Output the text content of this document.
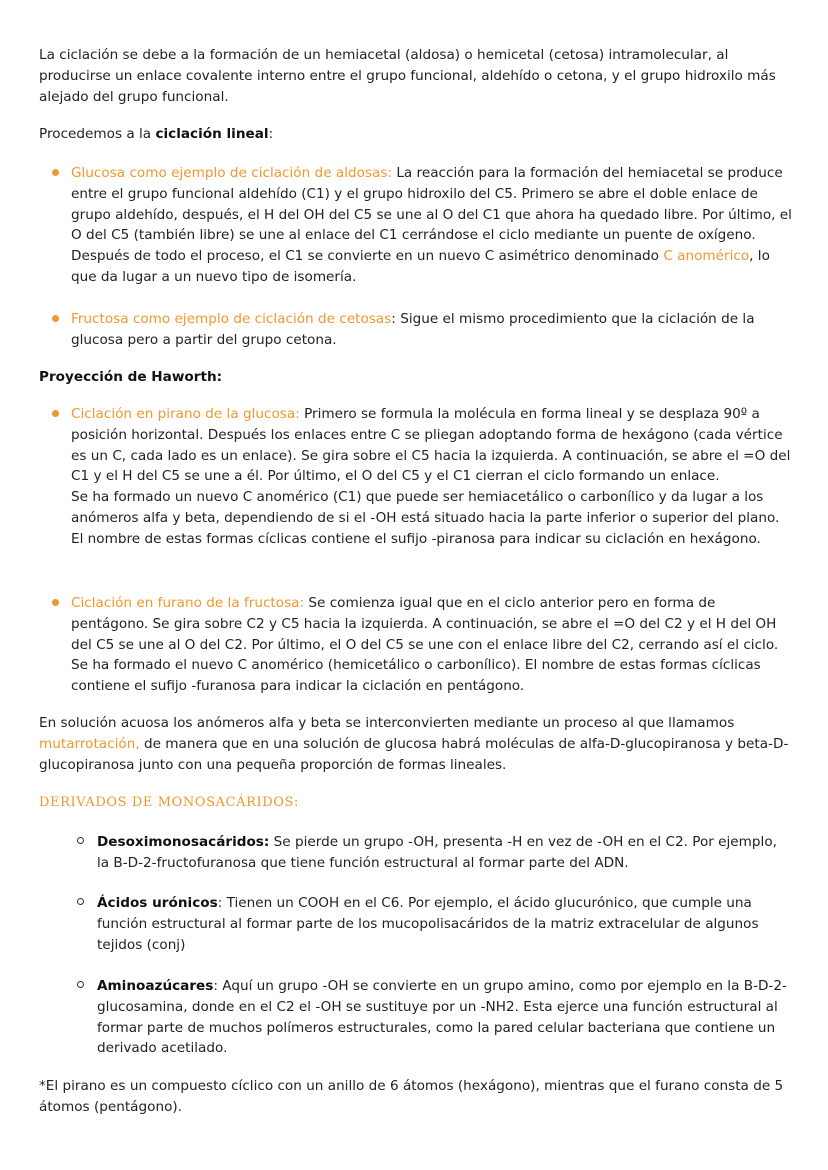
La ciclación se debe a la formación de un hemiacetal (aldosa) o hemicetal (cetosa) intramolecular, al producirse un enlace covalente interno entre el grupo funcional, aldehído o cetona, y el grupo hidroxilo más alejado del grupo funcional.

Procedemos a la ciclación lineal:

Glucosa como ejemplo de ciclación de aldosas: La reacción para la formación del hemiacetal se produce entre el grupo funcional aldehído (C1) y el grupo hidroxilo del C5. Primero se abre el doble enlace de grupo aldehído, después, el H del OH del C5 se une al O del C1 que ahora ha quedado libre. Por último, el O del C5 (también libre) se une al enlace del C1 cerrándose el ciclo mediante un puente de oxígeno. Después de todo el proceso, el C1 se convierte en un nuevo C asimétrico denominado C anomérico, lo que da lugar a un nuevo tipo de isomería.

Fructosa como ejemplo de ciclación de cetosas: Sigue el mismo procedimiento que la ciclación de la glucosa pero a partir del grupo cetona.

Proyección de Haworth:

Ciclación en pirano de la glucosa: Primero se formula la molécula en forma lineal y se desplaza 90º a posición horizontal. Después los enlaces entre C se pliegan adoptando forma de hexágono (cada vértice es un C, cada lado es un enlace). Se gira sobre el C5 hacia la izquierda. A continuación, se abre el =O del C1 y el H del C5 se une a él. Por último, el O del C5 y el C1 cierran el ciclo formando un enlace.

Se ha formado un nuevo C anomérico (C1) que puede ser hemiacetálico o carbonílico y da lugar a los anómeros alfa y beta, dependiendo de si el -OH está situado hacia la parte inferior o superior del plano. El nombre de estas formas cíclicas contiene el sufijo -piranosa para indicar su ciclación en hexágono.

Ciclación en furano de la fructosa: Se comienza igual que en el ciclo anterior pero en forma de pentágono. Se gira sobre C2 y C5 hacia la izquierda. A continuación, se abre el =O del C2 y el H del OH del C5 se une al O del C2. Por último, el O del C5 se une con el enlace libre del C2, cerrando así el ciclo. Se ha formado el nuevo C anomérico (hemicetálico o carbonílico). El nombre de estas formas cíclicas contiene el sufijo -furanosa para indicar la ciclación en pentágono.

En solución acuosa los anómeros alfa y beta se interconvierten mediante un proceso al que llamamos mutarrotación, de manera que en una solución de glucosa habrá moléculas de alfa-D-glucopiranosa y beta-D-glucopiranosa junto con una pequeña proporción de formas lineales.

DERIVADOS DE MONOSACÁRIDOS:

Desoximonosacáridos: Se pierde un grupo -OH, presenta -H en vez de -OH en el C2. Por ejemplo, la B-D-2-fructofuranosa que tiene función estructural al formar parte del ADN.

Ácidos urónicos: Tienen un COOH en el C6. Por ejemplo, el ácido glucurónico, que cumple una función estructural al formar parte de los mucopolisacáridos de la matriz extracelular de algunos tejidos (conj)

Aminoazúcares: Aquí un grupo -OH se convierte en un grupo amino, como por ejemplo en la B-D-2-glucosamina, donde en el C2 el -OH se sustituye por un -NH2. Esta ejerce una función estructural al formar parte de muchos polímeros estructurales, como la pared celular bacteriana que contiene un derivado acetilado.

*El pirano es un compuesto cíclico con un anillo de 6 átomos (hexágono), mientras que el furano consta de 5 átomos (pentágono).
